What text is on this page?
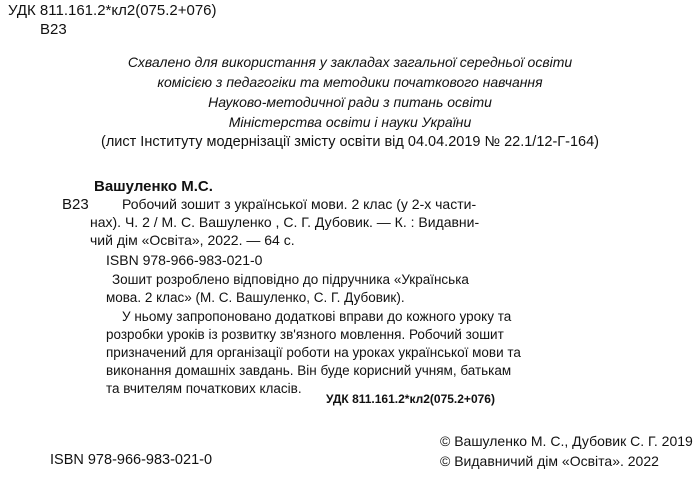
УДК 811.161.2*кл2(075.2+076)
В23
Схвалено для використання у закладах загальної середньої освіти
комісією з педагогіки та методики початкового навчання
Науково-методичної ради з питань освіти
Міністерства освіти і науки України
(лист Інституту модернізації змісту освіти від 04.04.2019 № 22.1/12-Г-164)
Вашуленко М.С.
В23 Робочий зошит з української мови. 2 клас (у 2-х части-
нах). Ч. 2 / М. С. Вашуленко , С. Г. Дубовик. — К. : Видавни-
чий дім «Освіта», 2022. — 64 с.
ISBN 978-966-983-021-0
Зошит розроблено відповідно до підручника «Українська
мова. 2 клас» (М. С. Вашуленко, С. Г. Дубовик).
У ньому запропоновано додаткові вправи до кожного уроку та
розробки уроків із розвитку зв'язного мовлення. Робочий зошит
призначений для організації роботи на уроках української мови та
виконання домашніх завдань. Він буде корисний учням, батькам
та вчителям початкових класів.
УДК 811.161.2*кл2(075.2+076)
ISBN 978-966-983-021-0
© Вашуленко М. С., Дубовик С. Г. 2019
© Видавничий дім «Освіта». 2022
